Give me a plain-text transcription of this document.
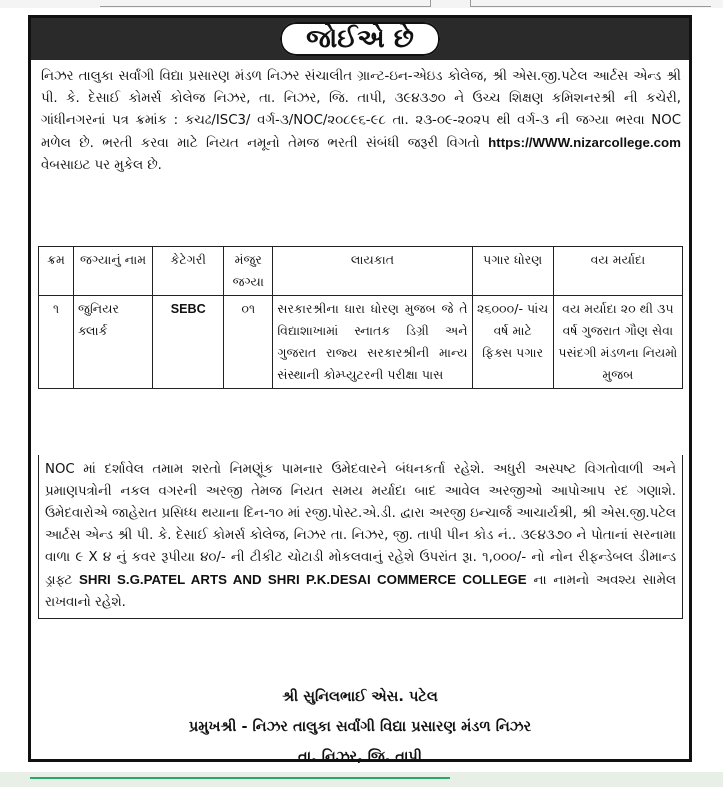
જોઈએ છે
નિઝર તાલુકા સર્વાંગી વિદ્યા પ્રસારણ મંડળ નિઝર સંચાલીત ગ્રાન્ટ-ઇન-એઇડ કોલેજ, શ્રી એસ.જી.પટેલ આર્ટસ એન્ડ શ્રી પી. કે. દેસાઈ કોમર્સ કોલેજ નિઝર, તા. નિઝર, જિ. તાપી, ૩૯૪૩૭૦ ને ઉચ્ચ શિક્ષણ કમિશનરશ્રી ની કચેરી, ગાંધીનગરનાં પત્ર ક્રમાંક : કચઢ/ISC3/ વર્ગ-૩/NOC/૨૦૮૯૬-૯૮ તા. ૨૩-૦૯-૨૦૨૫ થી વર્ગ-૩ ની જગ્યા ભરવા NOC મળેલ છે. ભરતી કરવા માટે નિયત નમૂનો તેમજ ભરતી સંબંધી જરૂરી વિગતો https://WWW.nizarcollege.com વેબસાઇટ પર મુકેલ છે.
ક્રમ	જગ્યાનું નામ	કેટેગરી	મંજુર જગ્યા	લાયકાત	પગાર ધોરણ	વય મર્યાદા
૧	જુનિયર ક્લાર્ક	SEBC	૦૧	સરકારશ્રીના ધારા ધોરણ મુજબ જે તે વિદ્યાશાખામાં સ્નાતક ડિગ્રી અને ગુજરાત રાજ્ય સરકારશ્રીની માન્ય સંસ્થાની કોમ્પ્યુટરની પરીક્ષા પાસ	૨૬૦૦૦/- પાંચ વર્ષ માટે ફિક્સ પગાર	વય મર્યાદા ૨૦ થી ૩૫ વર્ષ ગુજરાત ગૌણ સેવા પસંદગી મંડળના નિયમો મુજબ
NOC માં દર્શાવેલ તમામ શરતો નિમણૂંક પામનાર ઉમેદવારને બંધનકર્તા રહેશે. અધુરી અસ્પષ્ટ વિગતોવાળી અને પ્રમાણપત્રોની નકલ વગરની અરજી તેમજ નિયત સમય મર્યાદા બાદ આવેલ અરજીઓ આપોઆપ રદ ગણાશે. ઉમેદવારોએ જાહેરાત પ્રસિધ્ધ થયાના દિન-૧૦ માં રજી.પોસ્ટ.એ.ડી. દ્વારા અરજી ઇન્ચાર્જ આચાર્યશ્રી, શ્રી એસ.જી.પટેલ આર્ટસ એન્ડ શ્રી પી. કે. દેસાઈ કોમર્સ કોલેજ, નિઝર તા. નિઝર, જી. તાપી પીન કોડ નં.. ૩૯૪૩૭૦ ને પોતાનાં સરનામા વાળા ૯ X ૪ નું કવર રૂપીયા ૪૦/- ની ટીકીટ ચોટાડી મોકલવાનું રહેશે ઉપરાંત રૂા. ૧,૦૦૦/- નો નોન રીફન્ડેબલ ડીમાન્ડ ડ્રાફ્ટ SHRI S.G.PATEL ARTS AND SHRI P.K.DESAI COMMERCE COLLEGE ના નામનો અવશ્ય સામેલ રાખવાનો રહેશે.
શ્રી સુનિલભાઈ એસ. પટેલ
પ્રમુખશ્રી - નિઝર તાલુકા સર્વાંગી વિદ્યા પ્રસારણ મંડળ નિઝર
તા. નિઝર, જિ. તાપી
